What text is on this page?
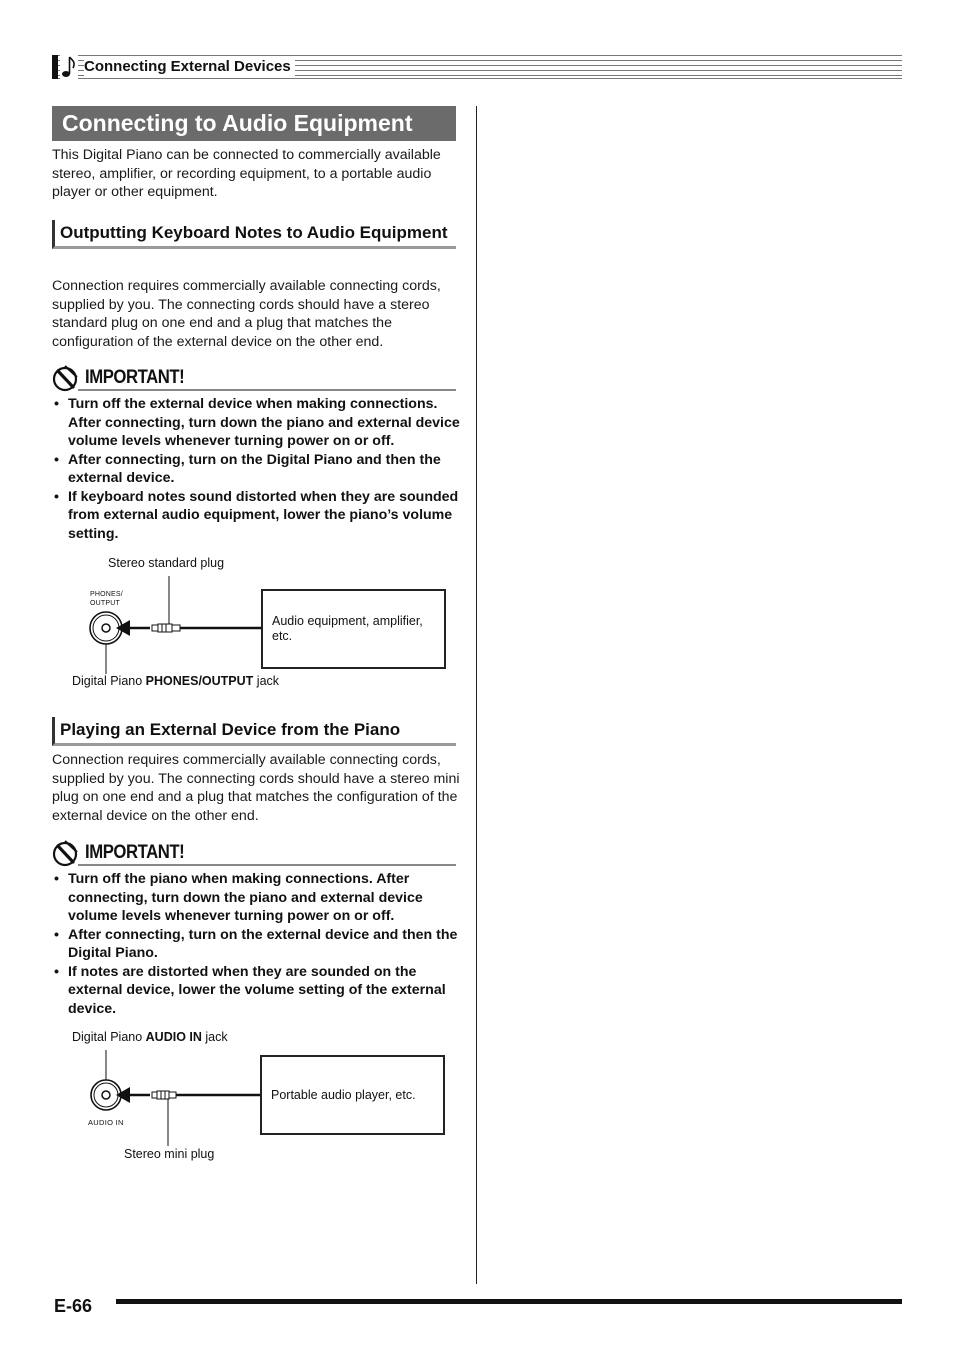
Connecting External Devices
Connecting to Audio Equipment

This Digital Piano can be connected to commercially available stereo, amplifier, or recording equipment, to a portable audio player or other equipment.

Outputting Keyboard Notes to Audio Equipment

Connection requires commercially available connecting cords, supplied by you. The connecting cords should have a stereo standard plug on one end and a plug that matches the configuration of the external device on the other end.

IMPORTANT!
• Turn off the external device when making connections. After connecting, turn down the piano and external device volume levels whenever turning power on or off.
• After connecting, turn on the Digital Piano and then the external device.
• If keyboard notes sound distorted when they are sounded from external audio equipment, lower the piano’s volume setting.
Stereo standard plug
PHONES/ OUTPUT
Audio equipment, amplifier, etc.
Digital Piano PHONES/OUTPUT jack
Playing an External Device from the Piano

Connection requires commercially available connecting cords, supplied by you. The connecting cords should have a stereo mini plug on one end and a plug that matches the configuration of the external device on the other end.

IMPORTANT!
• Turn off the piano when making connections. After connecting, turn down the piano and external device volume levels whenever turning power on or off.
• After connecting, turn on the external device and then the Digital Piano.
• If notes are distorted when they are sounded on the external device, lower the volume setting of the external device.
Digital Piano AUDIO IN jack
AUDIO IN
Portable audio player, etc.
Stereo mini plug
E-66
